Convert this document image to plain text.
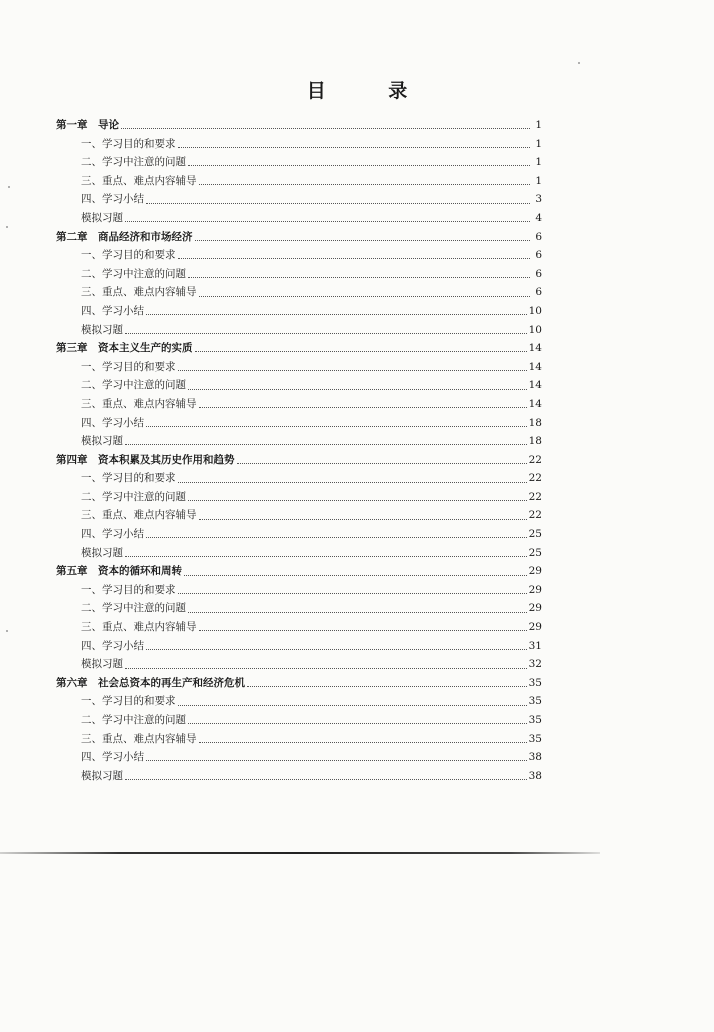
目 录
第一章　导论	1
一、学习目的和要求	1
二、学习中注意的问题	1
三、重点、难点内容辅导	1
四、学习小结	3
模拟习题	4
第二章　商品经济和市场经济	6
一、学习目的和要求	6
二、学习中注意的问题	6
三、重点、难点内容辅导	6
四、学习小结	10
模拟习题	10
第三章　资本主义生产的实质	14
一、学习目的和要求	14
二、学习中注意的问题	14
三、重点、难点内容辅导	14
四、学习小结	18
模拟习题	18
第四章　资本积累及其历史作用和趋势	22
一、学习目的和要求	22
二、学习中注意的问题	22
三、重点、难点内容辅导	22
四、学习小结	25
模拟习题	25
第五章　资本的循环和周转	29
一、学习目的和要求	29
二、学习中注意的问题	29
三、重点、难点内容辅导	29
四、学习小结	31
模拟习题	32
第六章　社会总资本的再生产和经济危机	35
一、学习目的和要求	35
二、学习中注意的问题	35
三、重点、难点内容辅导	35
四、学习小结	38
模拟习题	38
